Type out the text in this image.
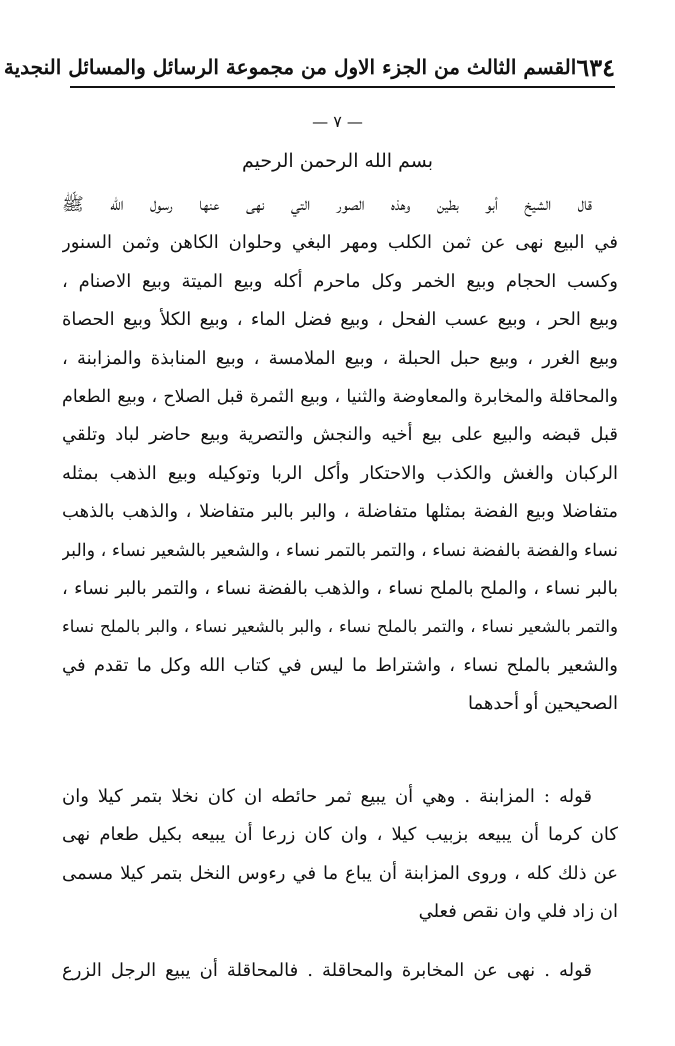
٦٣٤
القسم الثالث من الجزء الاول من مجموعة الرسائل والمسائل النجدية
— ٧ —
بسم الله الرحمن الرحيم
قال الشيخ أبو بطين وهذه الصور التي نهى عنها رسول الله ﷺ
في البيع نهى عن ثمن الكلب ومهر البغي وحلوان الكاهن وثمن السنور
وكسب الحجام وبيع الخمر وكل ماحرم أكله وبيع الميتة وبيع الاصنام ،
وبيع الحر ، وبيع عسب الفحل ، وبيع فضل الماء ، وبيع الكلأ وبيع الحصاة
وبيع الغرر ، وبيع حبل الحبلة ، وبيع الملامسة ، وبيع المنابذة والمزابنة ،
والمحاقلة والمخابرة والمعاوضة والثنيا ، وبيع الثمرة قبل الصلاح ، وبيع الطعام
قبل قبضه والبيع على بيع أخيه والنجش والتصرية وبيع حاضر لباد وتلقي
الركبان والغش والكذب والاحتكار وأكل الربا وتوكيله وبيع الذهب بمثله
متفاضلا وبيع الفضة بمثلها متفاضلة ، والبر بالبر متفاضلا ، والذهب بالذهب
نساء والفضة بالفضة نساء ، والتمر بالتمر نساء ، والشعير بالشعير نساء ، والبر
بالبر نساء ، والملح بالملح نساء ، والذهب بالفضة نساء ، والتمر بالبر نساء ،
والتمر بالشعير نساء ، والتمر بالملح نساء ، والبر بالشعير نساء ، والبر بالملح نساء
والشعير بالملح نساء ، واشتراط ما ليس في كتاب الله وكل ما تقدم في
الصحيحين أو أحدهما
قوله : المزابنة . وهي أن يبيع ثمر حائطه ان كان نخلا بتمر كيلا وان
كان كرما أن يبيعه بزبيب كيلا ، وان كان زرعا أن يبيعه بكيل طعام نهى
عن ذلك كله ، وروى المزابنة أن يباع ما في رءوس النخل بتمر كيلا مسمى
ان زاد فلي وان نقص فعلي
قوله . نهى عن المخابرة والمحاقلة . فالمحاقلة أن يبيع الرجل الزرع
